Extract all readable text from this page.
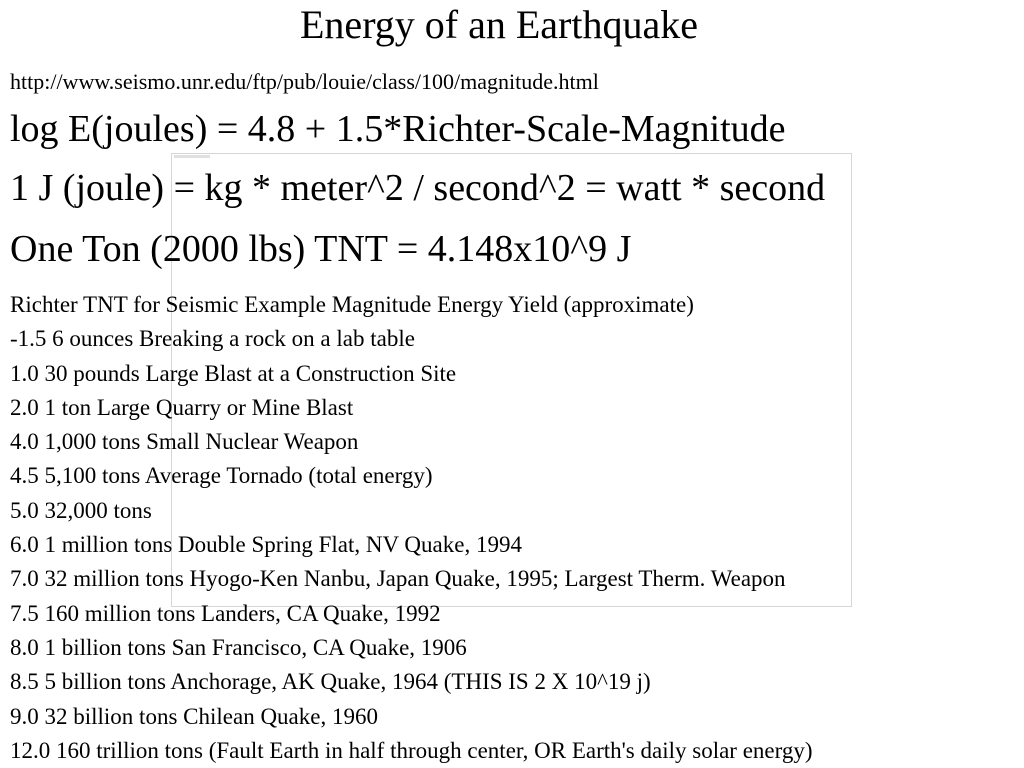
Energy of an Earthquake
http://www.seismo.unr.edu/ftp/pub/louie/class/100/magnitude.html
log E(joules) = 4.8 + 1.5*Richter-Scale-Magnitude
1 J (joule) = kg * meter^2 / second^2 = watt * second
One Ton (2000 lbs) TNT = 4.148x10^9 J
Richter TNT for Seismic Example Magnitude Energy Yield (approximate)
-1.5 6 ounces Breaking a rock on a lab table
1.0 30 pounds Large Blast at a Construction Site
2.0 1 ton Large Quarry or Mine Blast
4.0 1,000 tons Small Nuclear Weapon
4.5 5,100 tons Average Tornado (total energy)
5.0 32,000 tons
6.0 1 million tons Double Spring Flat, NV Quake, 1994
7.0 32 million tons Hyogo-Ken Nanbu, Japan Quake, 1995; Largest Therm. Weapon
7.5 160 million tons Landers, CA Quake, 1992
8.0 1 billion tons San Francisco, CA Quake, 1906
8.5 5 billion tons Anchorage, AK Quake, 1964 (THIS IS 2 X 10^19 j)
9.0 32 billion tons Chilean Quake, 1960
12.0 160 trillion tons (Fault Earth in half through center, OR Earth's daily solar energy)
